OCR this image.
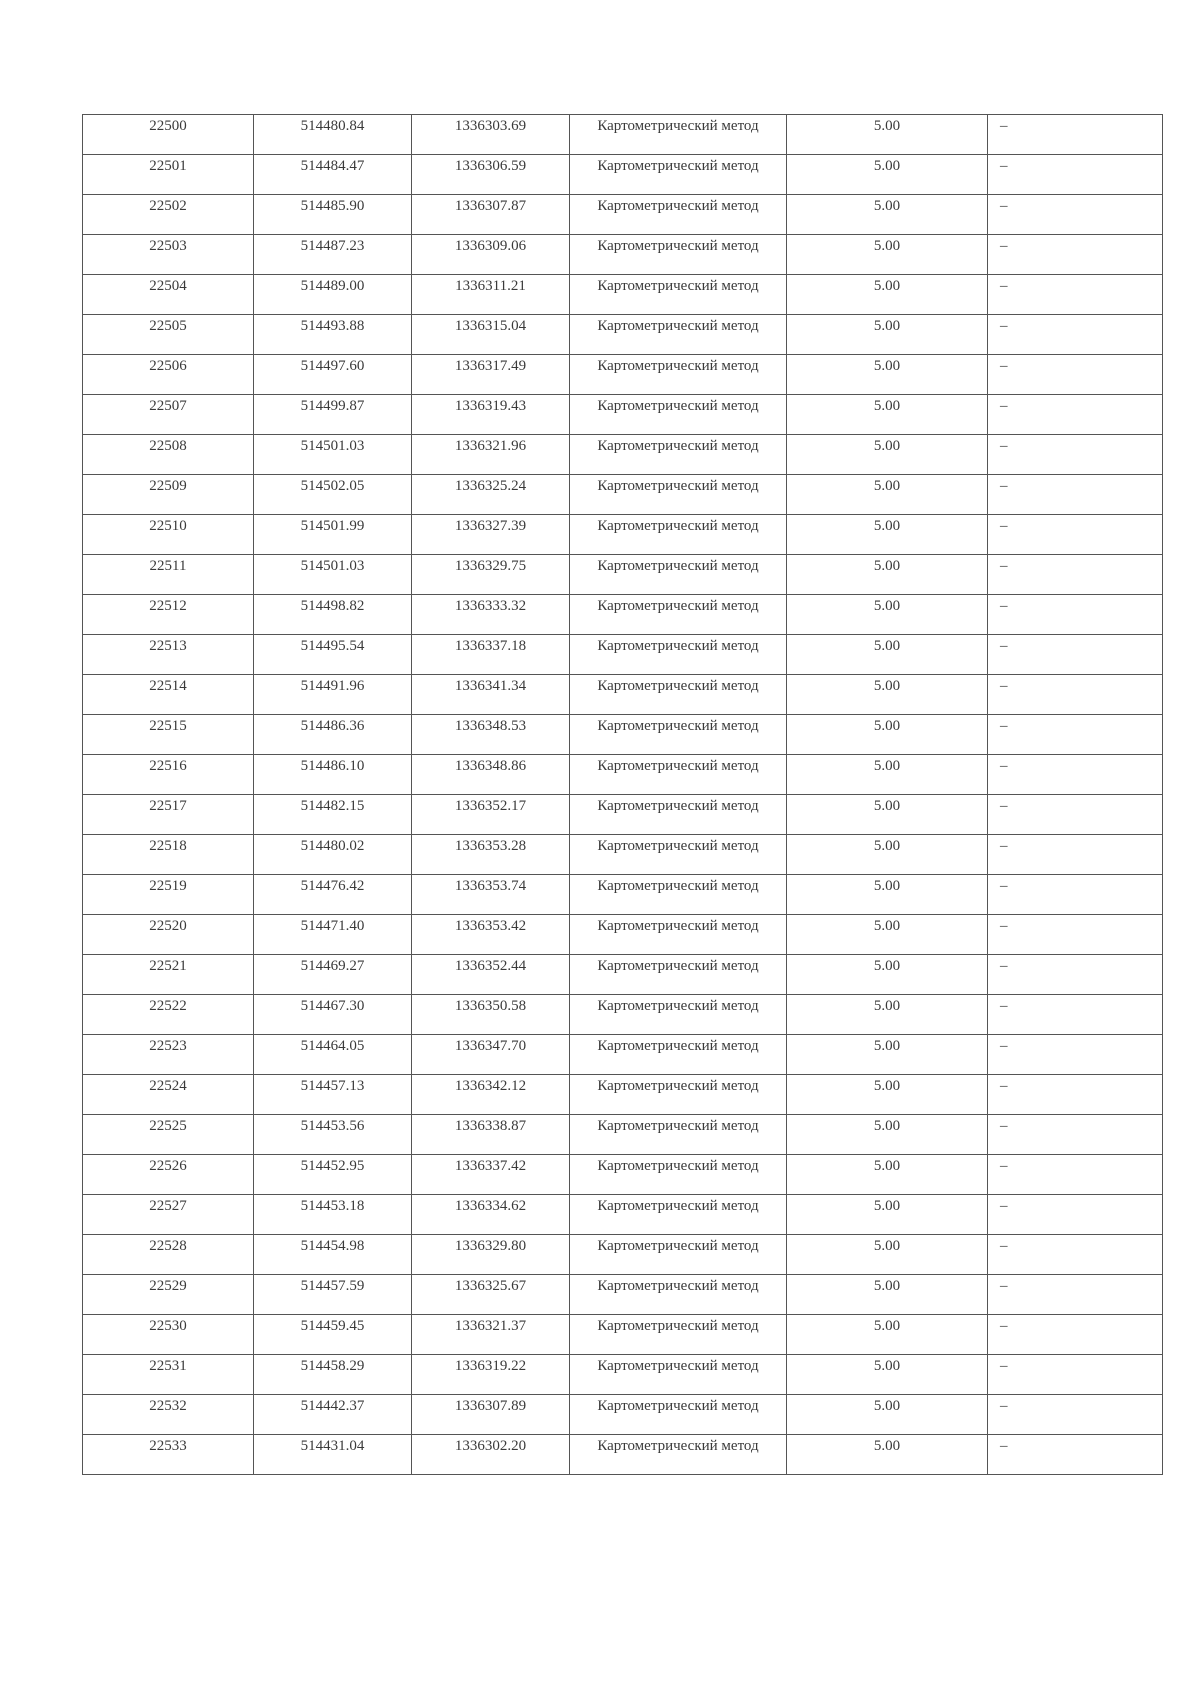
22500	514480.84	1336303.69	Картометрический метод	5.00	–
22501	514484.47	1336306.59	Картометрический метод	5.00	–
22502	514485.90	1336307.87	Картометрический метод	5.00	–
22503	514487.23	1336309.06	Картометрический метод	5.00	–
22504	514489.00	1336311.21	Картометрический метод	5.00	–
22505	514493.88	1336315.04	Картометрический метод	5.00	–
22506	514497.60	1336317.49	Картометрический метод	5.00	–
22507	514499.87	1336319.43	Картометрический метод	5.00	–
22508	514501.03	1336321.96	Картометрический метод	5.00	–
22509	514502.05	1336325.24	Картометрический метод	5.00	–
22510	514501.99	1336327.39	Картометрический метод	5.00	–
22511	514501.03	1336329.75	Картометрический метод	5.00	–
22512	514498.82	1336333.32	Картометрический метод	5.00	–
22513	514495.54	1336337.18	Картометрический метод	5.00	–
22514	514491.96	1336341.34	Картометрический метод	5.00	–
22515	514486.36	1336348.53	Картометрический метод	5.00	–
22516	514486.10	1336348.86	Картометрический метод	5.00	–
22517	514482.15	1336352.17	Картометрический метод	5.00	–
22518	514480.02	1336353.28	Картометрический метод	5.00	–
22519	514476.42	1336353.74	Картометрический метод	5.00	–
22520	514471.40	1336353.42	Картометрический метод	5.00	–
22521	514469.27	1336352.44	Картометрический метод	5.00	–
22522	514467.30	1336350.58	Картометрический метод	5.00	–
22523	514464.05	1336347.70	Картометрический метод	5.00	–
22524	514457.13	1336342.12	Картометрический метод	5.00	–
22525	514453.56	1336338.87	Картометрический метод	5.00	–
22526	514452.95	1336337.42	Картометрический метод	5.00	–
22527	514453.18	1336334.62	Картометрический метод	5.00	–
22528	514454.98	1336329.80	Картометрический метод	5.00	–
22529	514457.59	1336325.67	Картометрический метод	5.00	–
22530	514459.45	1336321.37	Картометрический метод	5.00	–
22531	514458.29	1336319.22	Картометрический метод	5.00	–
22532	514442.37	1336307.89	Картометрический метод	5.00	–
22533	514431.04	1336302.20	Картометрический метод	5.00	–
